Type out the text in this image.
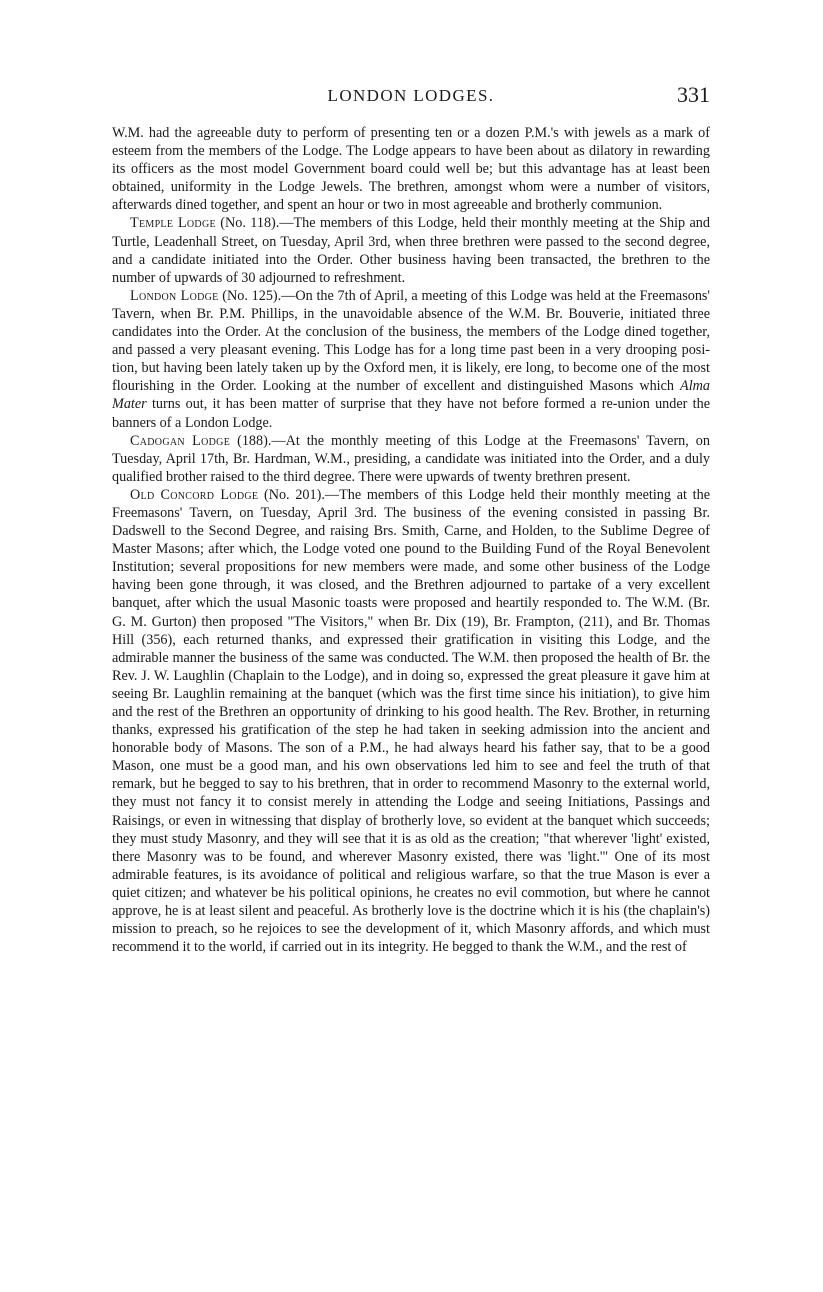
LONDON LODGES.	331

W.M. had the agreeable duty to perform of presenting ten or a dozen P.M.'s with jewels as a mark of esteem from the members of the Lodge. The Lodge appears to have been about as dilatory in rewarding its officers as the most model Government board could well be; but this advantage has at least been obtained, uniformity in the Lodge Jewels. The brethren, amongst whom were a number of visitors, afterwards dined together, and spent an hour or two in most agreeable and brotherly communion.

Temple Lodge (No. 118).—The members of this Lodge, held their monthly meeting at the Ship and Turtle, Leadenhall Street, on Tuesday, April 3rd, when three brethren were passed to the second degree, and a candidate initiated into the Order. Other business having been transacted, the brethren to the number of upwards of 30 adjourned to refreshment.

London Lodge (No. 125).—On the 7th of April, a meeting of this Lodge was held at the Freemasons' Tavern, when Br. P.M. Phillips, in the unavoidable absence of the W.M. Br. Bouverie, initiated three candidates into the Order. At the conclusion of the business, the members of the Lodge dined together, and passed a very pleasant evening. This Lodge has for a long time past been in a very drooping position, but having been lately taken up by the Oxford men, it is likely, ere long, to become one of the most flourishing in the Order. Looking at the number of excellent and distinguished Masons which Alma Mater turns out, it has been matter of surprise that they have not before formed a re-union under the banners of a London Lodge.

Cadogan Lodge (188).—At the monthly meeting of this Lodge at the Freemasons' Tavern, on Tuesday, April 17th, Br. Hardman, W.M., presiding, a candidate was initiated into the Order, and a duly qualified brother raised to the third degree. There were upwards of twenty brethren present.

Old Concord Lodge (No. 201).—The members of this Lodge held their monthly meeting at the Freemasons' Tavern, on Tuesday, April 3rd. The business of the evening consisted in passing Br. Dadswell to the Second Degree, and raising Brs. Smith, Carne, and Holden, to the Sublime Degree of Master Masons; after which, the Lodge voted one pound to the Building Fund of the Royal Benevolent Institution; several propositions for new members were made, and some other business of the Lodge having been gone through, it was closed, and the Brethren adjourned to partake of a very excellent banquet, after which the usual Masonic toasts were proposed and heartily responded to. The W.M. (Br. G. M. Gurton) then proposed "The Visitors," when Br. Dix (19), Br. Frampton, (211), and Br. Thomas Hill (356), each returned thanks, and expressed their gratification in visiting this Lodge, and the admirable manner the business of the same was conducted. The W.M. then proposed the health of Br. the Rev. J. W. Laughlin (Chaplain to the Lodge), and in doing so, expressed the great pleasure it gave him at seeing Br. Laughlin remaining at the banquet (which was the first time since his initiation), to give him and the rest of the Brethren an opportunity of drinking to his good health. The Rev. Brother, in returning thanks, expressed his gratification of the step he had taken in seeking admission into the ancient and honorable body of Masons. The son of a P.M., he had always heard his father say, that to be a good Mason, one must be a good man, and his own observations led him to see and feel the truth of that remark, but he begged to say to his brethren, that in order to recommend Masonry to the external world, they must not fancy it to consist merely in attending the Lodge and seeing Initiations, Passings and Raisings, or even in witnessing that display of brotherly love, so evident at the banquet which succeeds; they must study Masonry, and they will see that it is as old as the creation; "that wherever 'light' existed, there Masonry was to be found, and wherever Masonry existed, there was 'light.'" One of its most admirable features, is its avoidance of political and religious warfare, so that the true Mason is ever a quiet citizen; and whatever be his political opinions, he creates no evil commotion, but where he cannot approve, he is at least silent and peaceful. As brotherly love is the doctrine which it is his (the chaplain's) mission to preach, so he rejoices to see the development of it, which Masonry affords, and which must recommend it to the world, if carried out in its integrity. He begged to thank the W.M., and the rest of
